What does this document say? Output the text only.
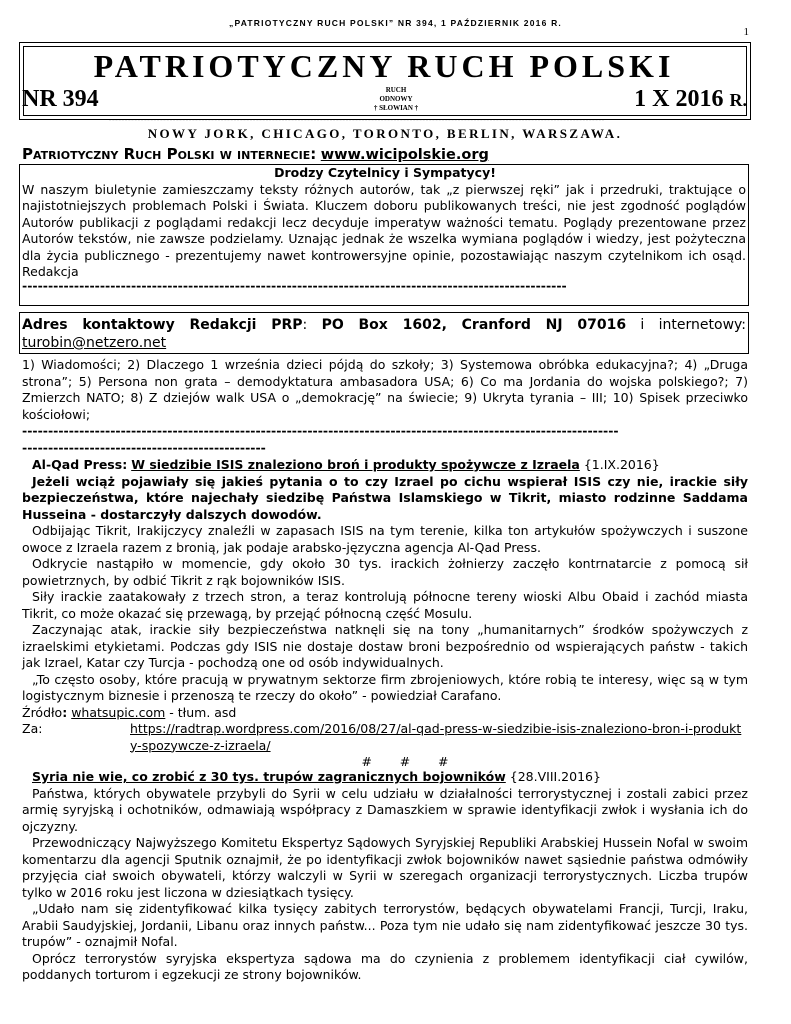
„PATRIOTYCZNY RUCH POLSKI” NR 394, 1 PAŹDZIERNIK 2016 R.
1
PATRIOTYCZNY RUCH POLSKI
NR 394	RUCH ODNOWY
† SŁOWIAN †	1 X 2016 R.
-----------------------------------------------------------------------------------------------------------------------------------------------------------
NOWY JORK, CHICAGO, TORONTO, BERLIN, WARSZAWA.
Patriotyczny Ruch Polski w internecie: www.wicipolskie.org

Drodzy Czytelnicy i Sympatycy!

W naszym biuletynie zamieszczamy teksty różnych autorów, tak „z pierwszej ręki” jak i przedruki, traktujące o najistotniejszych problemach Polski i Świata. Kluczem doboru publikowanych treści, nie jest zgodność poglądów Autorów publikacji z poglądami redakcji lecz decyduje imperatyw ważności tematu. Poglądy prezentowane przez Autorów tekstów, nie zawsze podzielamy. Uznając jednak że wszelka wymiana poglądów i wiedzy, jest pożyteczna dla życia publicznego - prezentujemy nawet kontrowersyjne opinie, pozostawiając naszym czytelnikom ich osąd.

Redakcja

---------------------------------------------------------------------------------------------------------

Adres kontaktowy Redakcji PRP: PO Box 1602, Cranford NJ 07016 i internetowy:

turobin@netzero.net

1) Wiadomości; 2) Dlaczego 1 września dzieci pójdą do szkoły; 3) Systemowa obróbka edukacyjna?; 4) „Druga strona”; 5) Persona non grata – demodyktatura ambasadora USA; 6) Co ma Jordania do wojska polskiego?; 7) Zmierzch NATO; 8) Z dziejów walk USA o „demokrację” na świecie; 9) Ukryta tyrania – III; 10) Spisek przeciwko kościołowi;

-------------------------------------------------------------------------------------------------------------------

-----------------------------------------------

Al-Qad Press: W siedzibie ISIS znaleziono broń i produkty spożywcze z Izraela {1.IX.2016}

Jeżeli wciąż pojawiały się jakieś pytania o to czy Izrael po cichu wspierał ISIS czy nie, irackie siły bezpieczeństwa, które najechały siedzibę Państwa Islamskiego w Tikrit, miasto rodzinne Saddama Husseina - dostarczyły dalszych dowodów.

Odbijając Tikrit, Irakijczycy znaleźli w zapasach ISIS na tym terenie, kilka ton artykułów spożywczych i suszone owoce z Izraela razem z bronią, jak podaje arabsko-języczna agencja Al-Qad Press.

Odkrycie nastąpiło w momencie, gdy około 30 tys. irackich żołnierzy zaczęło kontrnatarcie z pomocą sił powietrznych, by odbić Tikrit z rąk bojowników ISIS.

Siły irackie zaatakowały z trzech stron, a teraz kontrolują północne tereny wioski Albu Obaid i zachód miasta Tikrit, co może okazać się przewagą, by przejąć północną część Mosulu.

Zaczynając atak, irackie siły bezpieczeństwa natknęli się na tony „humanitarnych” środków spożywczych z izraelskimi etykietami. Podczas gdy ISIS nie dostaje dostaw broni bezpośrednio od wspierających państw - takich jak Izrael, Katar czy Turcja - pochodzą one od osób indywidualnych.

„To często osoby, które pracują w prywatnym sektorze firm zbrojeniowych, które robią te interesy, więc są w tym logistycznym biznesie i przenoszą te rzeczy do około” - powiedział Carafano.

Źródło: whatsupic.com - tłum. asd

Za:	https://radtrap.wordpress.com/2016/08/27/al-qad-press-w-siedzibie-isis-znaleziono-bron-i-produkty-spozywcze-z-izraela/

#       #       #

Syria nie wie, co zrobić z 30 tys. trupów zagranicznych bojowników {28.VIII.2016}

Państwa, których obywatele przybyli do Syrii w celu udziału w działalności terrorystycznej i zostali zabici przez armię syryjską i ochotników, odmawiają współpracy z Damaszkiem w sprawie identyfikacji zwłok i wysłania ich do ojczyzny.

Przewodniczący Najwyższego Komitetu Ekspertyz Sądowych Syryjskiej Republiki Arabskiej Hussein Nofal w swoim komentarzu dla agencji Sputnik oznajmił, że po identyfikacji zwłok bojowników nawet sąsiednie państwa odmówiły przyjęcia ciał swoich obywateli, którzy walczyli w Syrii w szeregach organizacji terrorystycznych. Liczba trupów tylko w 2016 roku jest liczona w dziesiątkach tysięcy.

„Udało nam się zidentyfikować kilka tysięcy zabitych terrorystów, będących obywatelami Francji, Turcji, Iraku, Arabii Saudyjskiej, Jordanii, Libanu oraz innych państw... Poza tym nie udało się nam zidentyfikować jeszcze 30 tys. trupów” - oznajmił Nofal.

Oprócz terrorystów syryjska ekspertyza sądowa ma do czynienia z problemem identyfikacji ciał cywilów, poddanych torturom i egzekucji ze strony bojowników.
